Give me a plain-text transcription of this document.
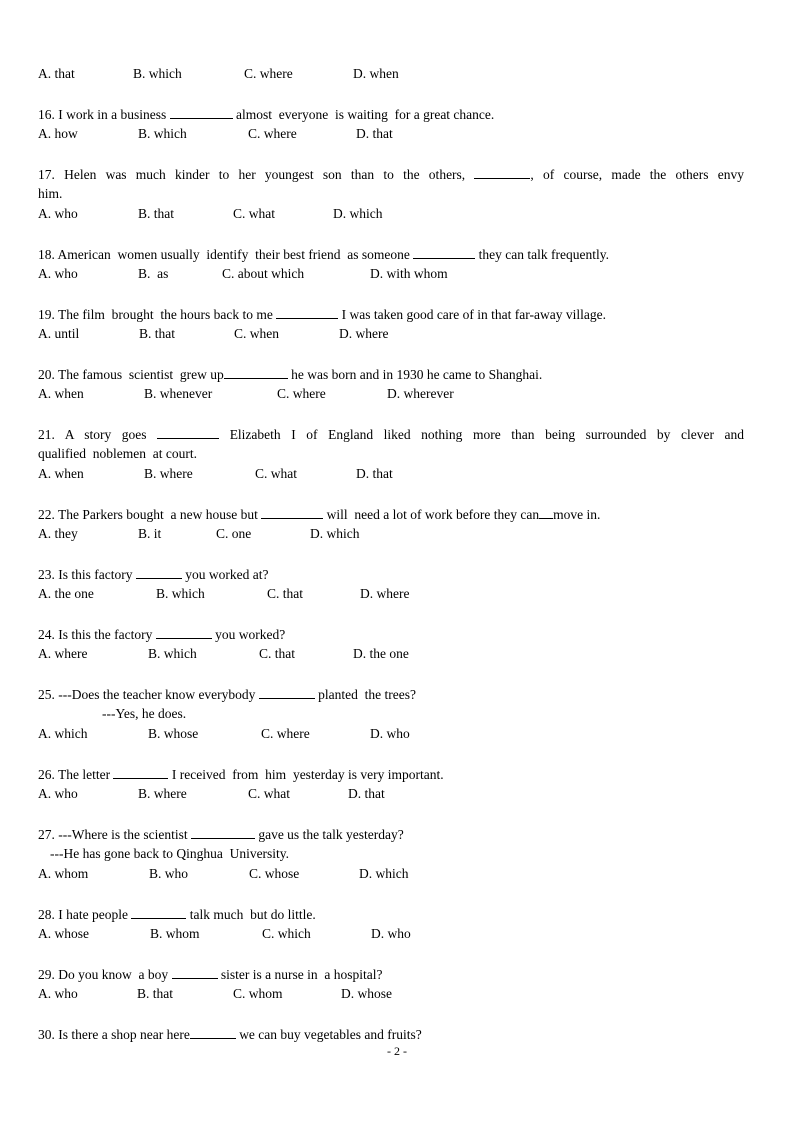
A. that	B. which	C. where	D. when
16. I work in a business	almost  everyone  is waiting  for a great chance.
A. how	B. which	C. where	D. that
17. Helen was much kinder to her youngest son than to the others,	, of course, made the others envy
him.
A. who	B. that	C. what	D. which
18. American  women usually  identify  their best friend  as someone	they can talk frequently.
A. who	B.  as	C. about which	D. with whom
19. The film  brought  the hours back to me	I was taken good care of in that far-away village.
A. until	B. that	C. when	D. where
20. The famous  scientist  grew up	he was born and in 1930 he came to Shanghai.
A. when	B. whenever	C. where	D. wherever
21. A story goes	Elizabeth I of England liked nothing more than being surrounded by clever and
qualified  noblemen  at court.
A. when	B. where	C. what	D. that
22. The Parkers bought  a new house but	will  need a lot of work before they can move in.
A. they	B. it	C. one	D. which
23. Is this factory	you worked at?
A. the one	B. which	C. that	D. where
24. Is this the factory	you worked?
A. where	B. which	C. that	D. the one
25. ---Does the teacher know everybody	planted  the trees?
---Yes, he does.
A. which	B. whose	C. where	D. who
26. The letter	I received  from  him  yesterday is very important.
A. who	B. where	C. what	D. that
27. ---Where is the scientist	gave us the talk yesterday?
---He has gone back to Qinghua  University.
A. whom	B. who	C. whose	D. which
28. I hate people	talk much  but do little.
A. whose	B. whom	C. which	D. who
29. Do you know  a boy	sister is a nurse in  a hospital?
A. who	B. that	C. whom	D. whose
30. Is there a shop near here	we can buy vegetables and fruits?
- 2 -
